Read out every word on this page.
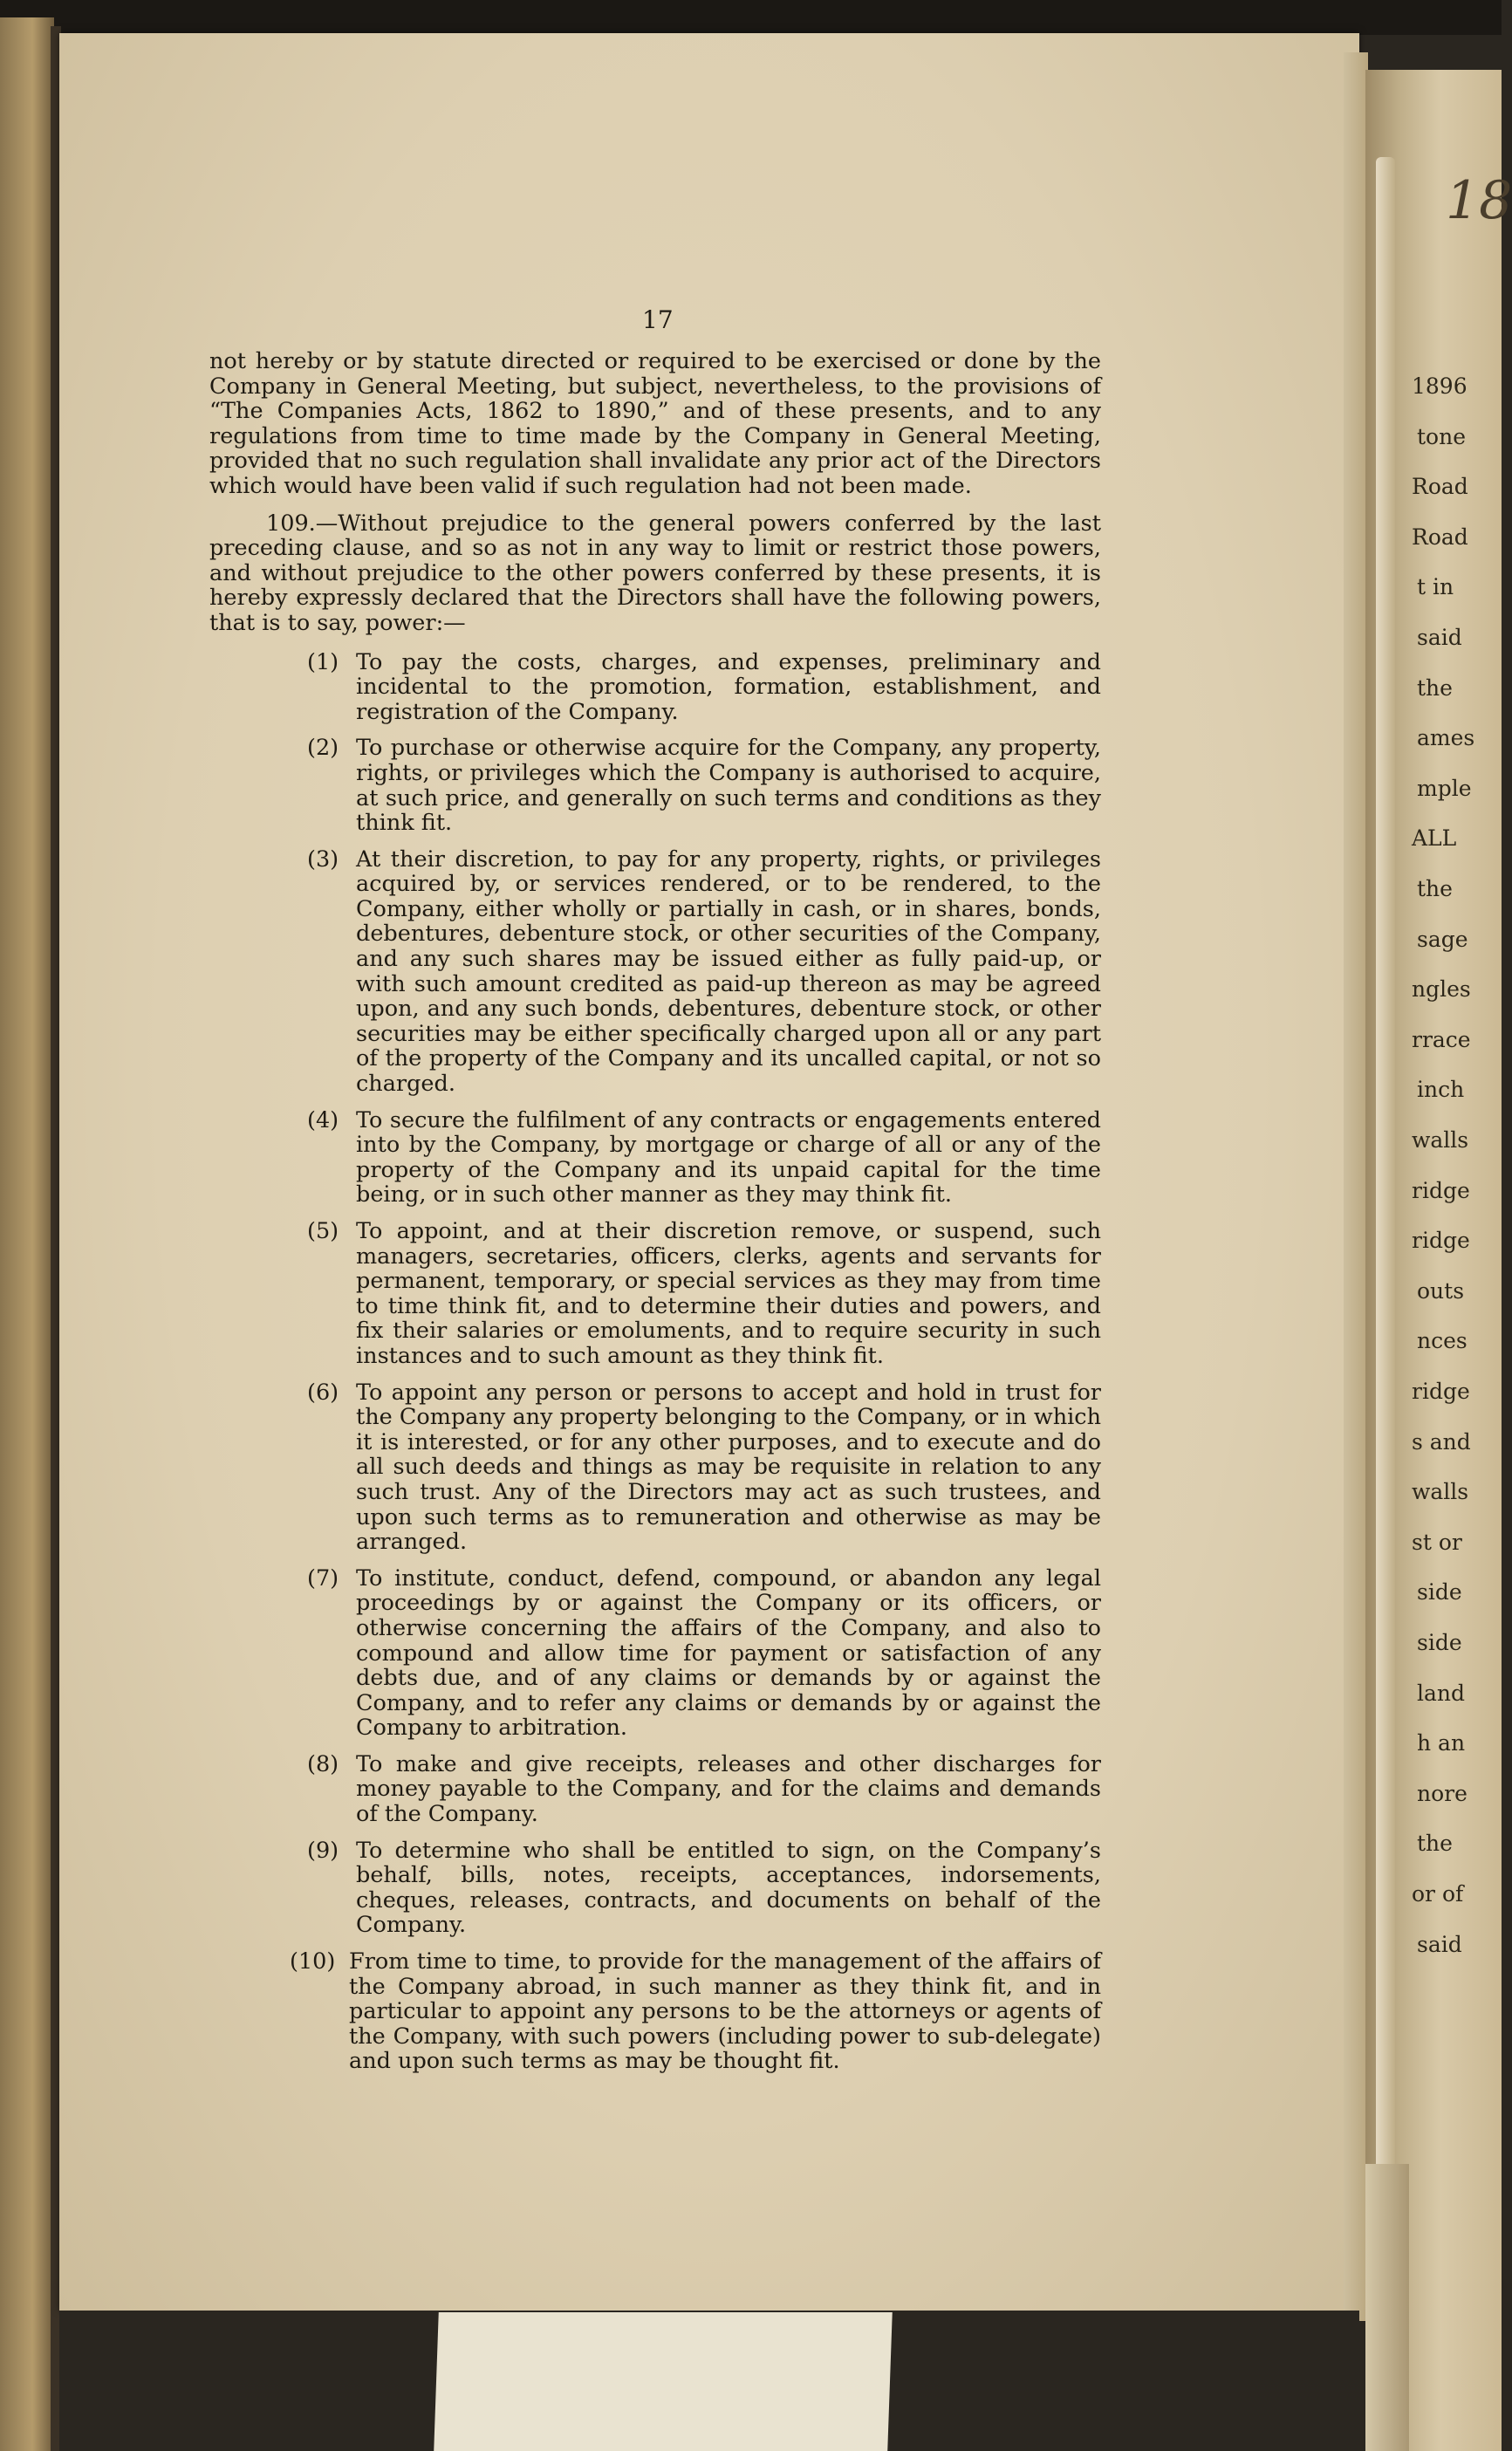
18
1896
tone
Road
Road
t in
said
the
ames
mple
ALL
the
sage
ngles
rrace
inch
walls
ridge
ridge
outs
nces
ridge
s and
walls
st or
side
side
land
h an
nore
the
or of
said
17

not hereby or by statute directed or required to be exercised or done by the Company in General Meeting, but subject, nevertheless, to the provisions of “The Companies Acts, 1862 to 1890,” and of these presents, and to any regulations from time to time made by the Company in General Meeting, provided that no such regulation shall invalidate any prior act of the Directors which would have been valid if such regulation had not been made.

109.—Without prejudice to the general powers conferred by the last preceding clause, and so as not in any way to limit or restrict those powers, and without prejudice to the other powers conferred by these presents, it is hereby expressly declared that the Directors shall have the following powers, that is to say, power:—

(1) To pay the costs, charges, and expenses, preliminary and incidental to the promotion, formation, establishment, and registration of the Company.
(2) To purchase or otherwise acquire for the Company, any property, rights, or privileges which the Company is authorised to acquire, at such price, and generally on such terms and conditions as they think fit.
(3) At their discretion, to pay for any property, rights, or privileges acquired by, or services rendered, or to be rendered, to the Company, either wholly or partially in cash, or in shares, bonds, debentures, debenture stock, or other securities of the Company, and any such shares may be issued either as fully paid-up, or with such amount credited as paid-up thereon as may be agreed upon, and any such bonds, debentures, debenture stock, or other securities may be either specifically charged upon all or any part of the property of the Company and its uncalled capital, or not so charged.
(4) To secure the fulfilment of any contracts or engagements entered into by the Company, by mortgage or charge of all or any of the property of the Company and its unpaid capital for the time being, or in such other manner as they may think fit.
(5) To appoint, and at their discretion remove, or suspend, such managers, secretaries, officers, clerks, agents and servants for permanent, temporary, or special services as they may from time to time think fit, and to determine their duties and powers, and fix their salaries or emoluments, and to require security in such instances and to such amount as they think fit.
(6) To appoint any person or persons to accept and hold in trust for the Company any property belonging to the Company, or in which it is interested, or for any other purposes, and to execute and do all such deeds and things as may be requisite in relation to any such trust. Any of the Directors may act as such trustees, and upon such terms as to remuneration and otherwise as may be arranged.
(7) To institute, conduct, defend, compound, or abandon any legal proceedings by or against the Company or its officers, or otherwise concerning the affairs of the Company, and also to compound and allow time for payment or satisfaction of any debts due, and of any claims or demands by or against the Company, and to refer any claims or demands by or against the Company to arbitration.
(8) To make and give receipts, releases and other discharges for money payable to the Company, and for the claims and demands of the Company.
(9) To determine who shall be entitled to sign, on the Company’s behalf, bills, notes, receipts, acceptances, indorsements, cheques, releases, contracts, and documents on behalf of the Company.
(10) From time to time, to provide for the management of the affairs of the Company abroad, in such manner as they think fit, and in particular to appoint any persons to be the attorneys or agents of the Company, with such powers (including power to sub-delegate) and upon such terms as may be thought fit.
